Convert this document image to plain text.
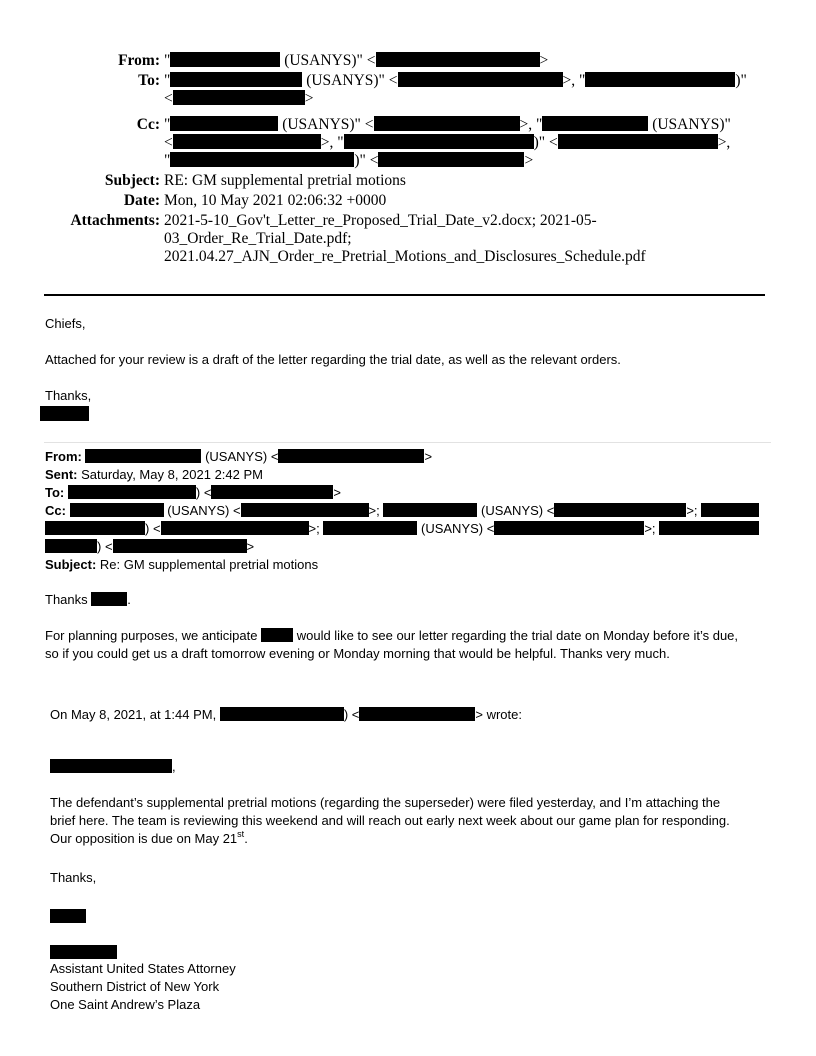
From: "	(USANYS)" <	>
To: "	(USANYS)" <	>, "	)"
<	>
Cc: "	(USANYS)" <	>, "	(USANYS)"
<	>, "	)" <	>,
"	)" <	>
Subject: RE: GM supplemental pretrial motions
Date: Mon, 10 May 2021 02:06:32 +0000
Attachments: 2021-5-10_Gov't_Letter_re_Proposed_Trial_Date_v2.docx; 2021-05-
03_Order_Re_Trial_Date.pdf;
2021.04.27_AJN_Order_re_Pretrial_Motions_and_Disclosures_Schedule.pdf
Chiefs,
Attached for your review is a draft of the letter regarding the trial date, as well as the relevant orders.
Thanks,
From:	(USANYS) <	>
Sent: Saturday, May 8, 2021 2:42 PM
To:	) <	>
Cc:	(USANYS) <	>;	(USANYS) <	>;
) <	>;	(USANYS) <	>;
) <	>
Subject: Re: GM supplemental pretrial motions
Thanks	.
For planning purposes, we anticipate	would like to see our letter regarding the trial date on Monday before it’s due,
so if you could get us a draft tomorrow evening or Monday morning that would be helpful. Thanks very much.
On May 8, 2021, at 1:44 PM,	) <	> wrote:
,
The defendant’s supplemental pretrial motions (regarding the superseder) were filed yesterday, and I’m attaching the
brief here. The team is reviewing this weekend and will reach out early next week about our game plan for responding.
Our opposition is due on May 21st.
Thanks,
Assistant United States Attorney
Southern District of New York
One Saint Andrew’s Plaza
